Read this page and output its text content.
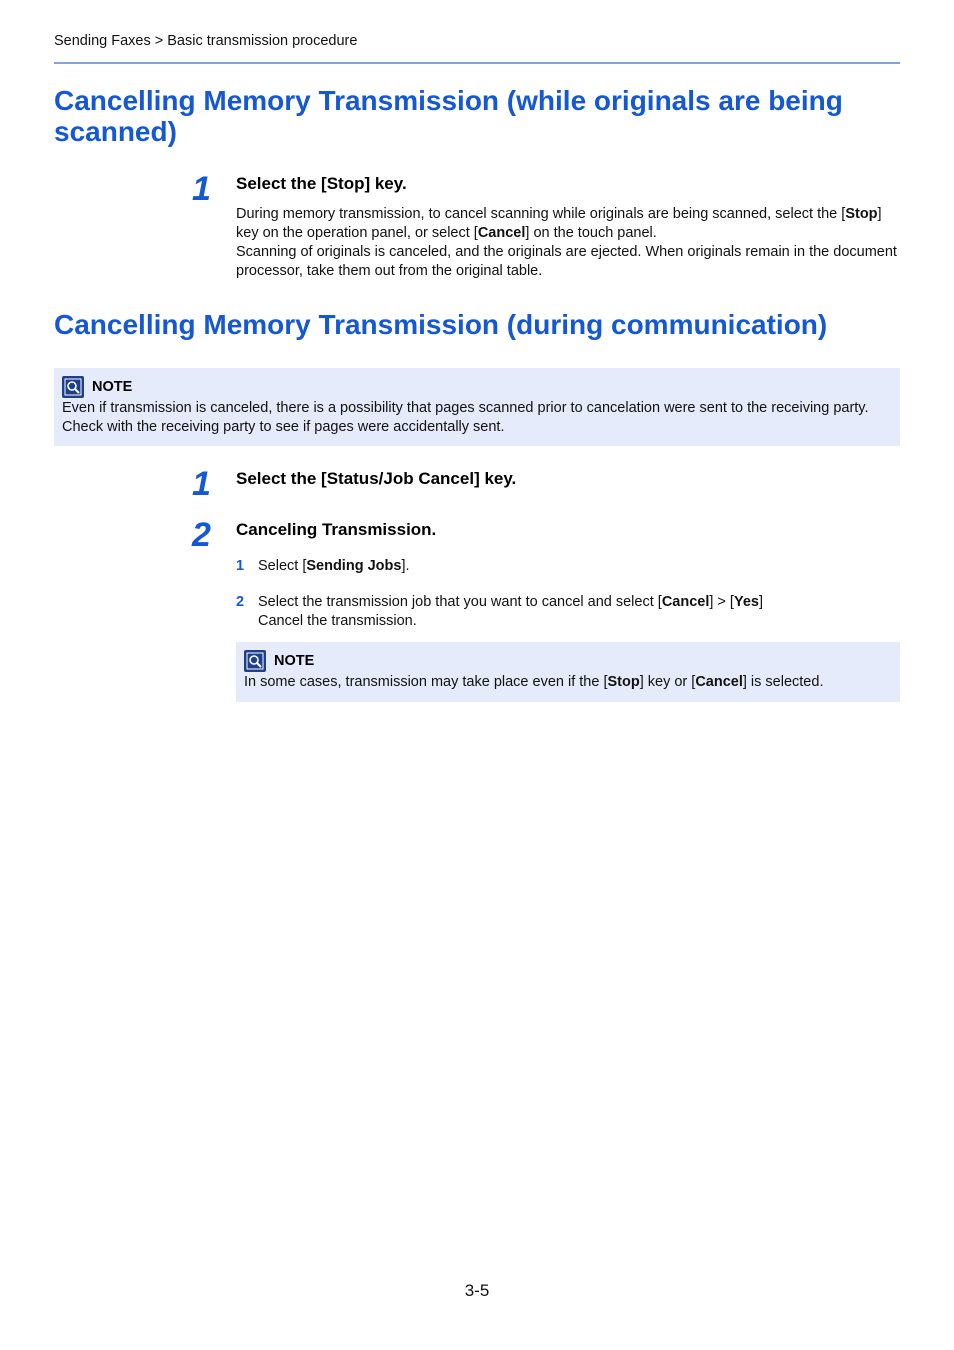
Sending Faxes > Basic transmission procedure
Cancelling Memory Transmission (while originals are being scanned)
1 Select the [Stop] key.
During memory transmission, to cancel scanning while originals are being scanned, select the [Stop] key on the operation panel, or select [Cancel] on the touch panel.
Scanning of originals is canceled, and the originals are ejected. When originals remain in the document processor, take them out from the original table.
Cancelling Memory Transmission (during communication)
NOTE
Even if transmission is canceled, there is a possibility that pages scanned prior to cancelation were sent to the receiving party. Check with the receiving party to see if pages were accidentally sent.
1 Select the [Status/Job Cancel] key.
2 Canceling Transmission.
1 Select [Sending Jobs].
2 Select the transmission job that you want to cancel and select [Cancel] > [Yes]
Cancel the transmission.
NOTE
In some cases, transmission may take place even if the [Stop] key or [Cancel] is selected.
3-5
